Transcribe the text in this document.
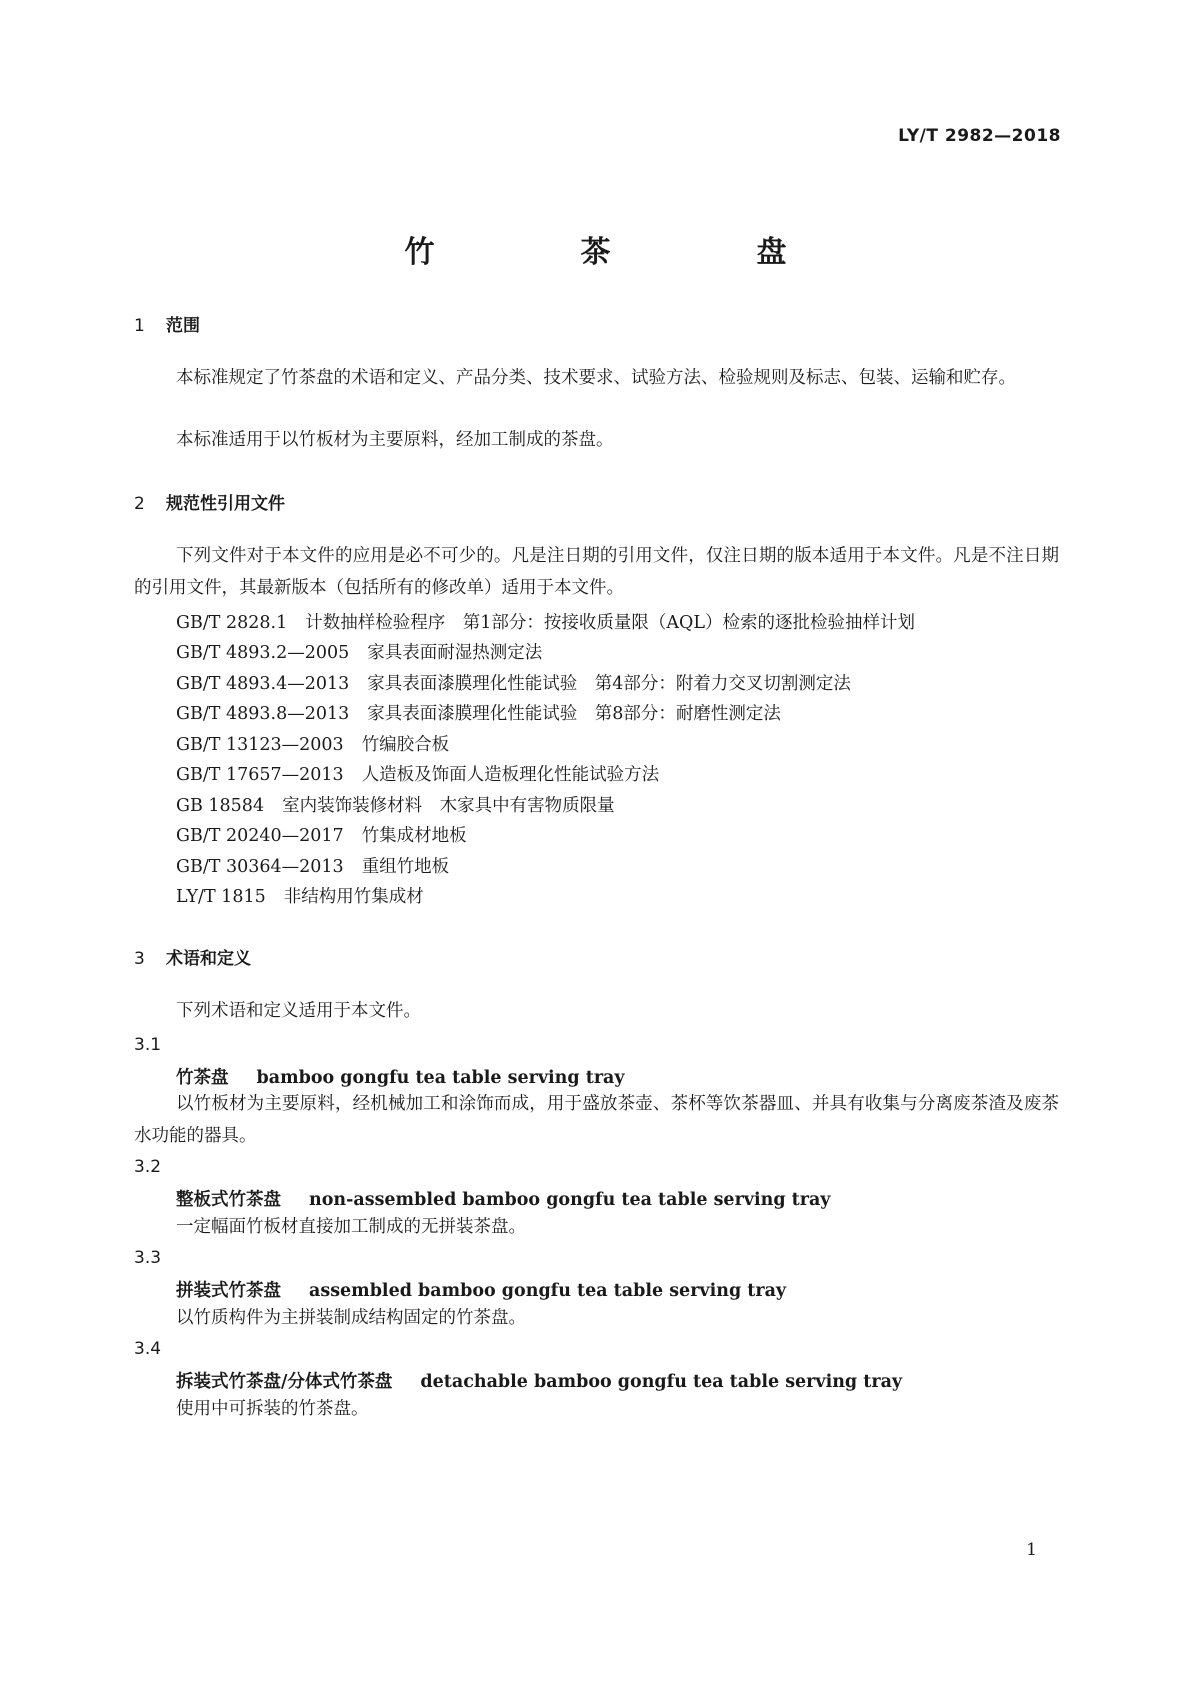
LY/T 2982—2018
竹　茶　盘
1 范围

本标准规定了竹茶盘的术语和定义、产品分类、技术要求、试验方法、检验规则及标志、包装、运输和贮存。

本标准适用于以竹板材为主要原料，经加工制成的茶盘。

2 规范性引用文件

下列文件对于本文件的应用是必不可少的。凡是注日期的引用文件，仅注日期的版本适用于本文件。凡是不注日期的引用文件，其最新版本（包括所有的修改单）适用于本文件。

GB/T 2828.1 计数抽样检验程序　第1部分：按接收质量限（AQL）检索的逐批检验抽样计划
GB/T 4893.2—2005 家具表面耐湿热测定法
GB/T 4893.4—2013 家具表面漆膜理化性能试验　第4部分：附着力交叉切割测定法
GB/T 4893.8—2013 家具表面漆膜理化性能试验　第8部分：耐磨性测定法
GB/T 13123—2003 竹编胶合板
GB/T 17657—2013 人造板及饰面人造板理化性能试验方法
GB 18584 室内装饰装修材料　木家具中有害物质限量
GB/T 20240—2017 竹集成材地板
GB/T 30364—2013 重组竹地板
LY/T 1815 非结构用竹集成材
3 术语和定义

下列术语和定义适用于本文件。

3.1
竹茶盘 bamboo gongfu tea table serving tray

以竹板材为主要原料，经机械加工和涂饰而成，用于盛放茶壶、茶杯等饮茶器皿、并具有收集与分离废茶渣及废茶水功能的器具。

3.2
整板式竹茶盘 non-assembled bamboo gongfu tea table serving tray

一定幅面竹板材直接加工制成的无拼装茶盘。

3.3
拼装式竹茶盘 assembled bamboo gongfu tea table serving tray

以竹质构件为主拼装制成结构固定的竹茶盘。

3.4
拆装式竹茶盘/分体式竹茶盘 detachable bamboo gongfu tea table serving tray

使用中可拆装的竹茶盘。

1
